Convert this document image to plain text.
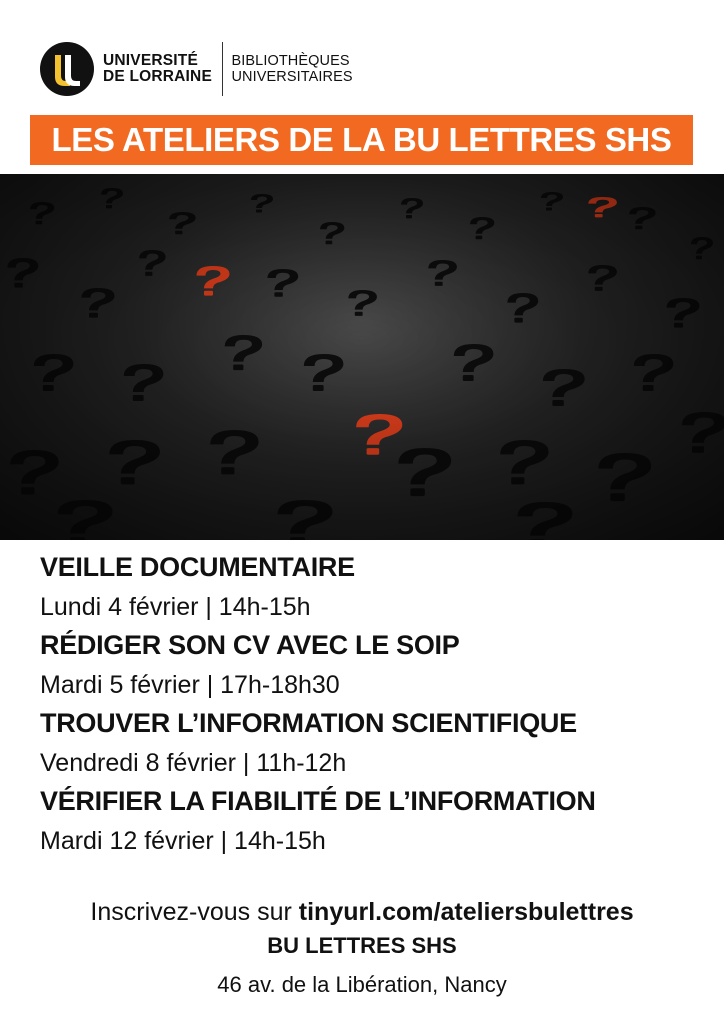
UNIVERSITÉ
DE LORRAINE
BIBLIOTHÈQUES
UNIVERSITAIRES
LES ATELIERS DE LA BU LETTRES SHS
VEILLE DOCUMENTAIRE
Lundi 4 février | 14h-15h
RÉDIGER SON CV AVEC LE SOIP
Mardi 5 février | 17h-18h30
TROUVER L’INFORMATION SCIENTIFIQUE
Vendredi 8 février | 11h-12h
VÉRIFIER LA FIABILITÉ DE L’INFORMATION
Mardi 12 février | 14h-15h
Inscrivez-vous sur tinyurl.com/ateliersbulettres
BU LETTRES SHS
46 av. de la Libération, Nancy
